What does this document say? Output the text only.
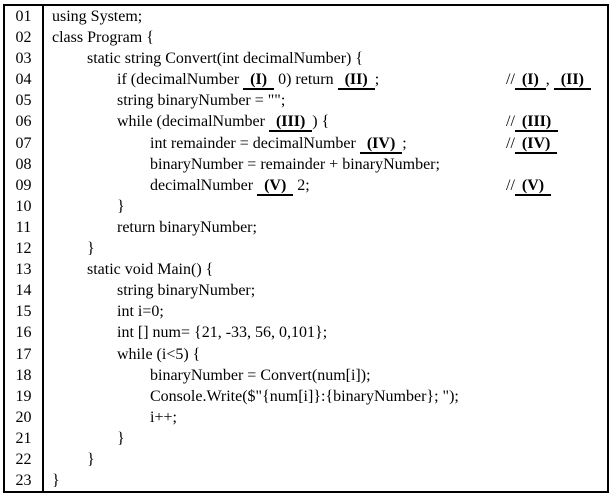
01	using System;
02	class Program {
03	static string Convert(int decimalNumber) {
04	if (decimalNumber (I) 0) return (II) ; // (I) , (II)

05	string binaryNumber = "";
06	while (decimalNumber (III) ) { // (III)

07	int remainder = decimalNumber (IV) ; // (IV)

08	binaryNumber = remainder + binaryNumber;
09	decimalNumber (V) 2; // (V)

10	}
11	return binaryNumber;
12	}
13	static void Main() {
14	string binaryNumber;
15	int i=0;
16	int [] num= {21, -33, 56, 0,101};
17	while (i<5) {
18	binaryNumber = Convert(num[i]);
19	Console.Write($"{num[i]}:{binaryNumber}; ");
20	i++;
21	}
22	}
23	}
